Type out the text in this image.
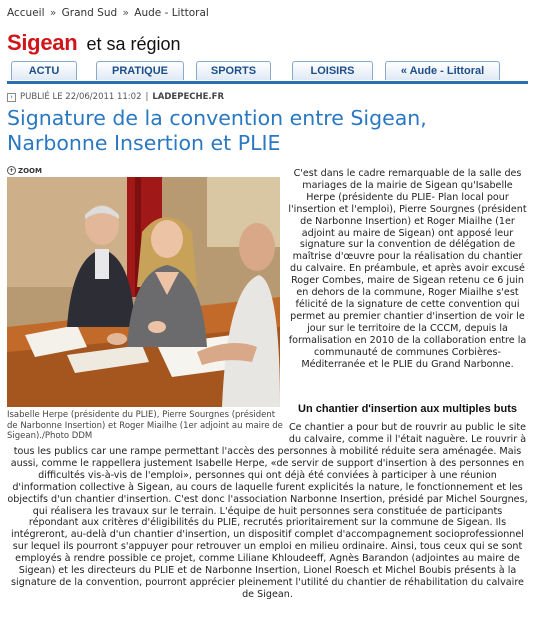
Accueil » Grand Sud » Aude - Littoral
Sigean et sa région
ACTU	PRATIQUE	SPORTS	LOISIRS	« Aude - Littoral
› PUBLIÉ LE 22/06/2011 11:02 | LADEPECHE.FR
Signature de la convention entre Sigean, Narbonne Insertion et PLIE
+ ZOOM
Isabelle Herpe (présidente du PLIE), Pierre Sourgnes (président de Narbonne Insertion) et Roger Miailhe (1er adjoint au maire de Sigean)./Photo DDM
C'est dans le cadre remarquable de la salle des mariages de la mairie de Sigean qu'Isabelle Herpe (présidente du PLIE- Plan local pour l'insertion et l'emploi), Pierre Sourgnes (président de Narbonne Insertion) et Roger Miailhe (1er adjoint au maire de Sigean) ont apposé leur signature sur la convention de délégation de maîtrise d'œuvre pour la réalisation du chantier du calvaire. En préambule, et après avoir excusé Roger Combes, maire de Sigean retenu ce 6 juin en dehors de la commune, Roger Miailhe s'est félicité de la signature de cette convention qui permet au premier chantier d'insertion de voir le jour sur le territoire de la CCCM, depuis la formalisation en 2010 de la collaboration entre la communauté de communes Corbières-Méditerranée et le PLIE du Grand Narbonne.
Un chantier d'insertion aux multiples buts
Ce chantier a pour but de rouvrir au public le site du calvaire, comme il l'était naguère. Le rouvrir à
tous les publics car une rampe permettant l'accès des personnes à mobilité réduite sera aménagée. Mais aussi, comme le rappellera justement Isabelle Herpe, «de servir de support d'insertion à des personnes en difficultés vis-à-vis de l'emploi», personnes qui ont déjà été conviées à participer à une réunion d'information collective à Sigean, au cours de laquelle furent explicités la nature, le fonctionnement et les objectifs d'un chantier d'insertion. C'est donc l'association Narbonne Insertion, présidé par Michel Sourgnes, qui réalisera les travaux sur le terrain. L'équipe de huit personnes sera constituée de participants répondant aux critères d'éligibilités du PLIE, recrutés prioritairement sur la commune de Sigean. Ils intégreront, au-delà d'un chantier d'insertion, un dispositif complet d'accompagnement socioprofessionnel sur lequel ils pourront s'appuyer pour retrouver un emploi en milieu ordinaire. Ainsi, tous ceux qui se sont employés à rendre possible ce projet, comme Liliane Khloudeeff, Agnès Barandon (adjointes au maire de Sigean) et les directeurs du PLIE et de Narbonne Insertion, Lionel Roesch et Michel Boubis présents à la signature de la convention, pourront apprécier pleinement l'utilité du chantier de réhabilitation du calvaire de Sigean.
